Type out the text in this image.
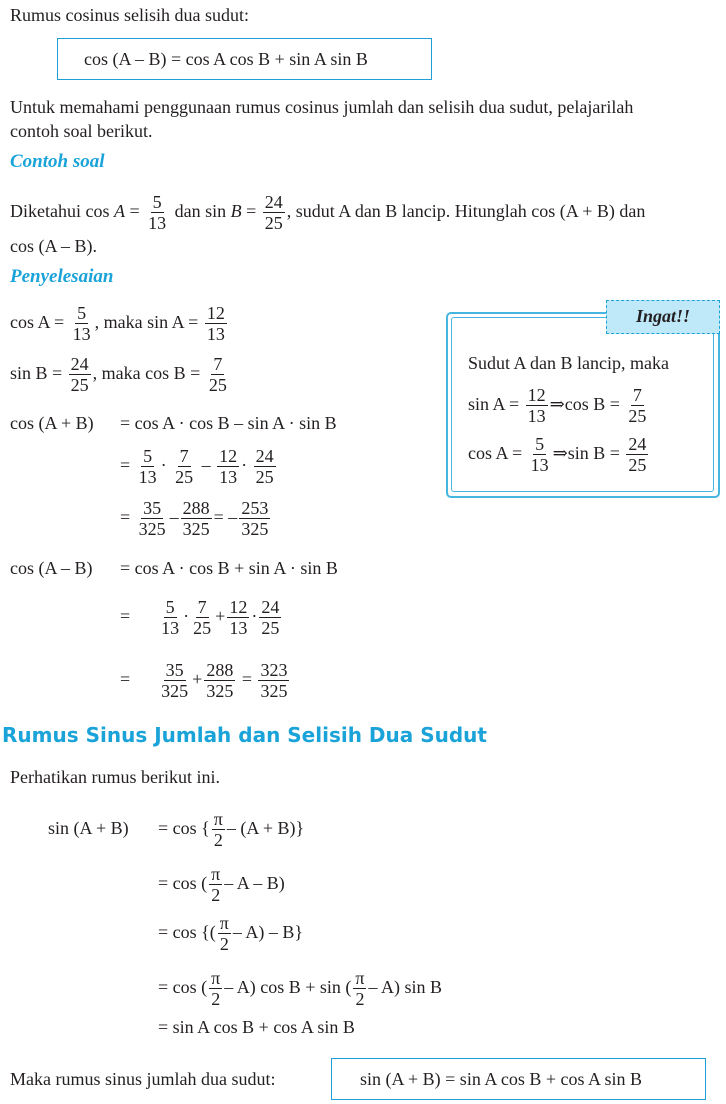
Rumus cosinus selisih dua sudut:
cos (A – B) = cos A cos B + sin A sin B
Untuk memahami penggunaan rumus cosinus jumlah dan selisih dua sudut, pelajarilah
contoh soal berikut.
Contoh soal
Diketahui $\cos A = \frac{5}{13}$ dan $\sin B = \frac{24}{25}$ , sudut A dan B lancip. Hitunglah cos (A + B) dan
cos (A – B).
Penyelesaian
$\cos A = \frac{5}{13}$ , maka $\sin A = \frac{12}{13}$
$\sin B = \frac{24}{25}$ , maka $\cos B = \frac{7}{25}$
cos (A + B) = cos A · cos B – sin A · sin B
= $\frac{5}{13} \cdot \frac{7}{25} - \frac{12}{13} \cdot \frac{24}{25}$
= $\frac{35}{325} - \frac{288}{325}$ = – $\frac{253}{325}$
cos (A – B) = cos A · cos B + sin A · sin B
= $\frac{5}{13} \cdot \frac{7}{25} + \frac{12}{13} \cdot \frac{24}{25}$
= $\frac{35}{325} + \frac{288}{325} = \frac{323}{325}$
Ingat!!
Sudut A dan B lancip, maka
$\sin A = \frac{12}{13}$ ⇒cos $B = \frac{7}{25}$
$\cos A = \frac{5}{13}$ ⇒sin $B = \frac{24}{25}$
Rumus Sinus Jumlah dan Selisih Dua Sudut
Perhatikan rumus berikut ini.
sin (A + B) = cos { $\frac{\pi}{2} - (A + B)$}
= cos ( $\frac{\pi}{2}$ – A – B)
= cos {( $\frac{\pi}{2} - A) - B$}
= cos ( $\frac{\pi}{2} - A$) cos B + sin ( $\frac{\pi}{2} - A$) sin B
= sin A cos B + cos A sin B
Maka rumus sinus jumlah dua sudut:	sin (A + B) = sin A cos B + cos A sin B
